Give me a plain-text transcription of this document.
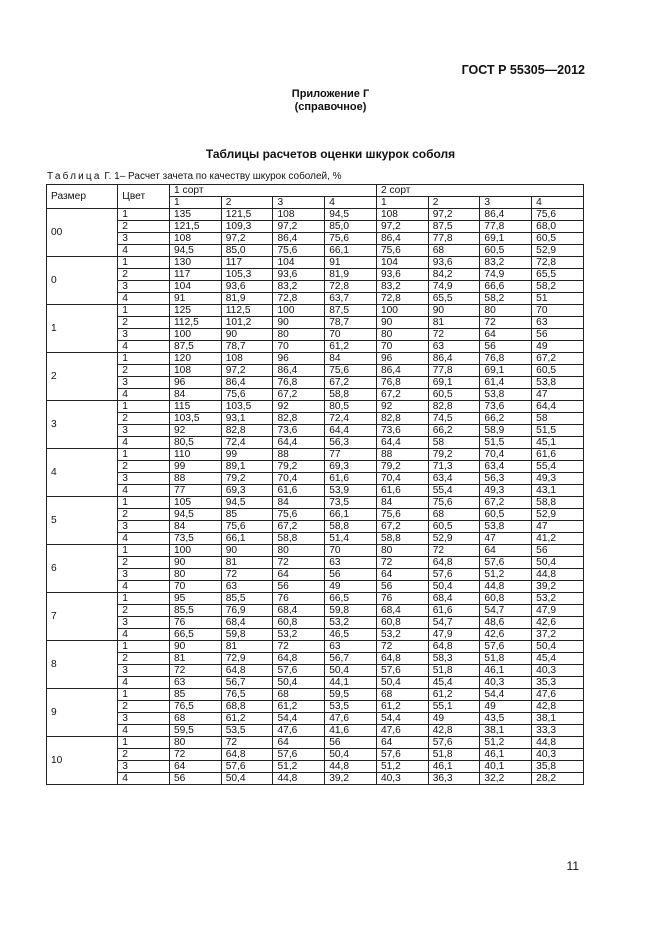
ГОСТ Р 55305—2012
Приложение Г
(справочное)
Таблицы расчетов оценки шкурок соболя
Таблица Г. 1– Расчет зачета по качеству шкурок соболей, %
Размер	Цвет	1 сорт				2 сорт			
		1	2	3	4	1	2	3	4
00	1	135	121,5	108	94,5	108	97,2	86,4	75,6
	2	121,5	109,3	97,2	85,0	97,2	87,5	77,8	68,0
	3	108	97,2	86,4	75,6	86,4	77,8	69,1	60,5
	4	94,5	85,0	75,6	66,1	75,6	68	60,5	52,9
0	1	130	117	104	91	104	93,6	83,2	72,8
	2	117	105,3	93,6	81,9	93,6	84,2	74,9	65,5
	3	104	93,6	83,2	72,8	83,2	74,9	66,6	58,2
	4	91	81,9	72,8	63,7	72,8	65,5	58,2	51
1	1	125	112,5	100	87,5	100	90	80	70
	2	112,5	101,2	90	78,7	90	81	72	63
	3	100	90	80	70	80	72	64	56
	4	87,5	78,7	70	61,2	70	63	56	49
2	1	120	108	96	84	96	86,4	76,8	67,2
	2	108	97,2	86,4	75,6	86,4	77,8	69,1	60,5
	3	96	86,4	76,8	67,2	76,8	69,1	61,4	53,8
	4	84	75,6	67,2	58,8	67,2	60,5	53,8	47
3	1	115	103,5	92	80,5	92	82,8	73,6	64,4
	2	103,5	93,1	82,8	72,4	82,8	74,5	66,2	58
	3	92	82,8	73,6	64,4	73,6	66,2	58,9	51,5
	4	80,5	72,4	64,4	56,3	64,4	58	51,5	45,1
4	1	110	99	88	77	88	79,2	70,4	61,6
	2	99	89,1	79,2	69,3	79,2	71,3	63,4	55,4
	3	88	79,2	70,4	61,6	70,4	63,4	56,3	49,3
	4	77	69,3	61,6	53,9	61,6	55,4	49,3	43,1
5	1	105	94,5	84	73,5	84	75,6	67,2	58,8
	2	94,5	85	75,6	66,1	75,6	68	60,5	52,9
	3	84	75,6	67,2	58,8	67,2	60,5	53,8	47
	4	73,5	66,1	58,8	51,4	58,8	52,9	47	41,2
6	1	100	90	80	70	80	72	64	56
	2	90	81	72	63	72	64,8	57,6	50,4
	3	80	72	64	56	64	57,6	51,2	44,8
	4	70	63	56	49	56	50,4	44,8	39,2
7	1	95	85,5	76	66,5	76	68,4	60,8	53,2
	2	85,5	76,9	68,4	59,8	68,4	61,6	54,7	47,9
	3	76	68,4	60,8	53,2	60,8	54,7	48,6	42,6
	4	66,5	59,8	53,2	46,5	53,2	47,9	42,6	37,2
8	1	90	81	72	63	72	64,8	57,6	50,4
	2	81	72,9	64,8	56,7	64,8	58,3	51,8	45,4
	3	72	64,8	57,6	50,4	57,6	51,8	46,1	40,3
	4	63	56,7	50,4	44,1	50,4	45,4	40,3	35,3
9	1	85	76,5	68	59,5	68	61,2	54,4	47,6
	2	76,5	68,8	61,2	53,5	61,2	55,1	49	42,8
	3	68	61,2	54,4	47,6	54,4	49	43,5	38,1
	4	59,5	53,5	47,6	41,6	47,6	42,8	38,1	33,3
10	1	80	72	64	56	64	57,6	51,2	44,8
	2	72	64,8	57,6	50,4	57,6	51,8	46,1	40,3
	3	64	57,6	51,2	44,8	51,2	46,1	40,1	35,8
	4	56	50,4	44,8	39,2	40,3	36,3	32,2	28,2
11
